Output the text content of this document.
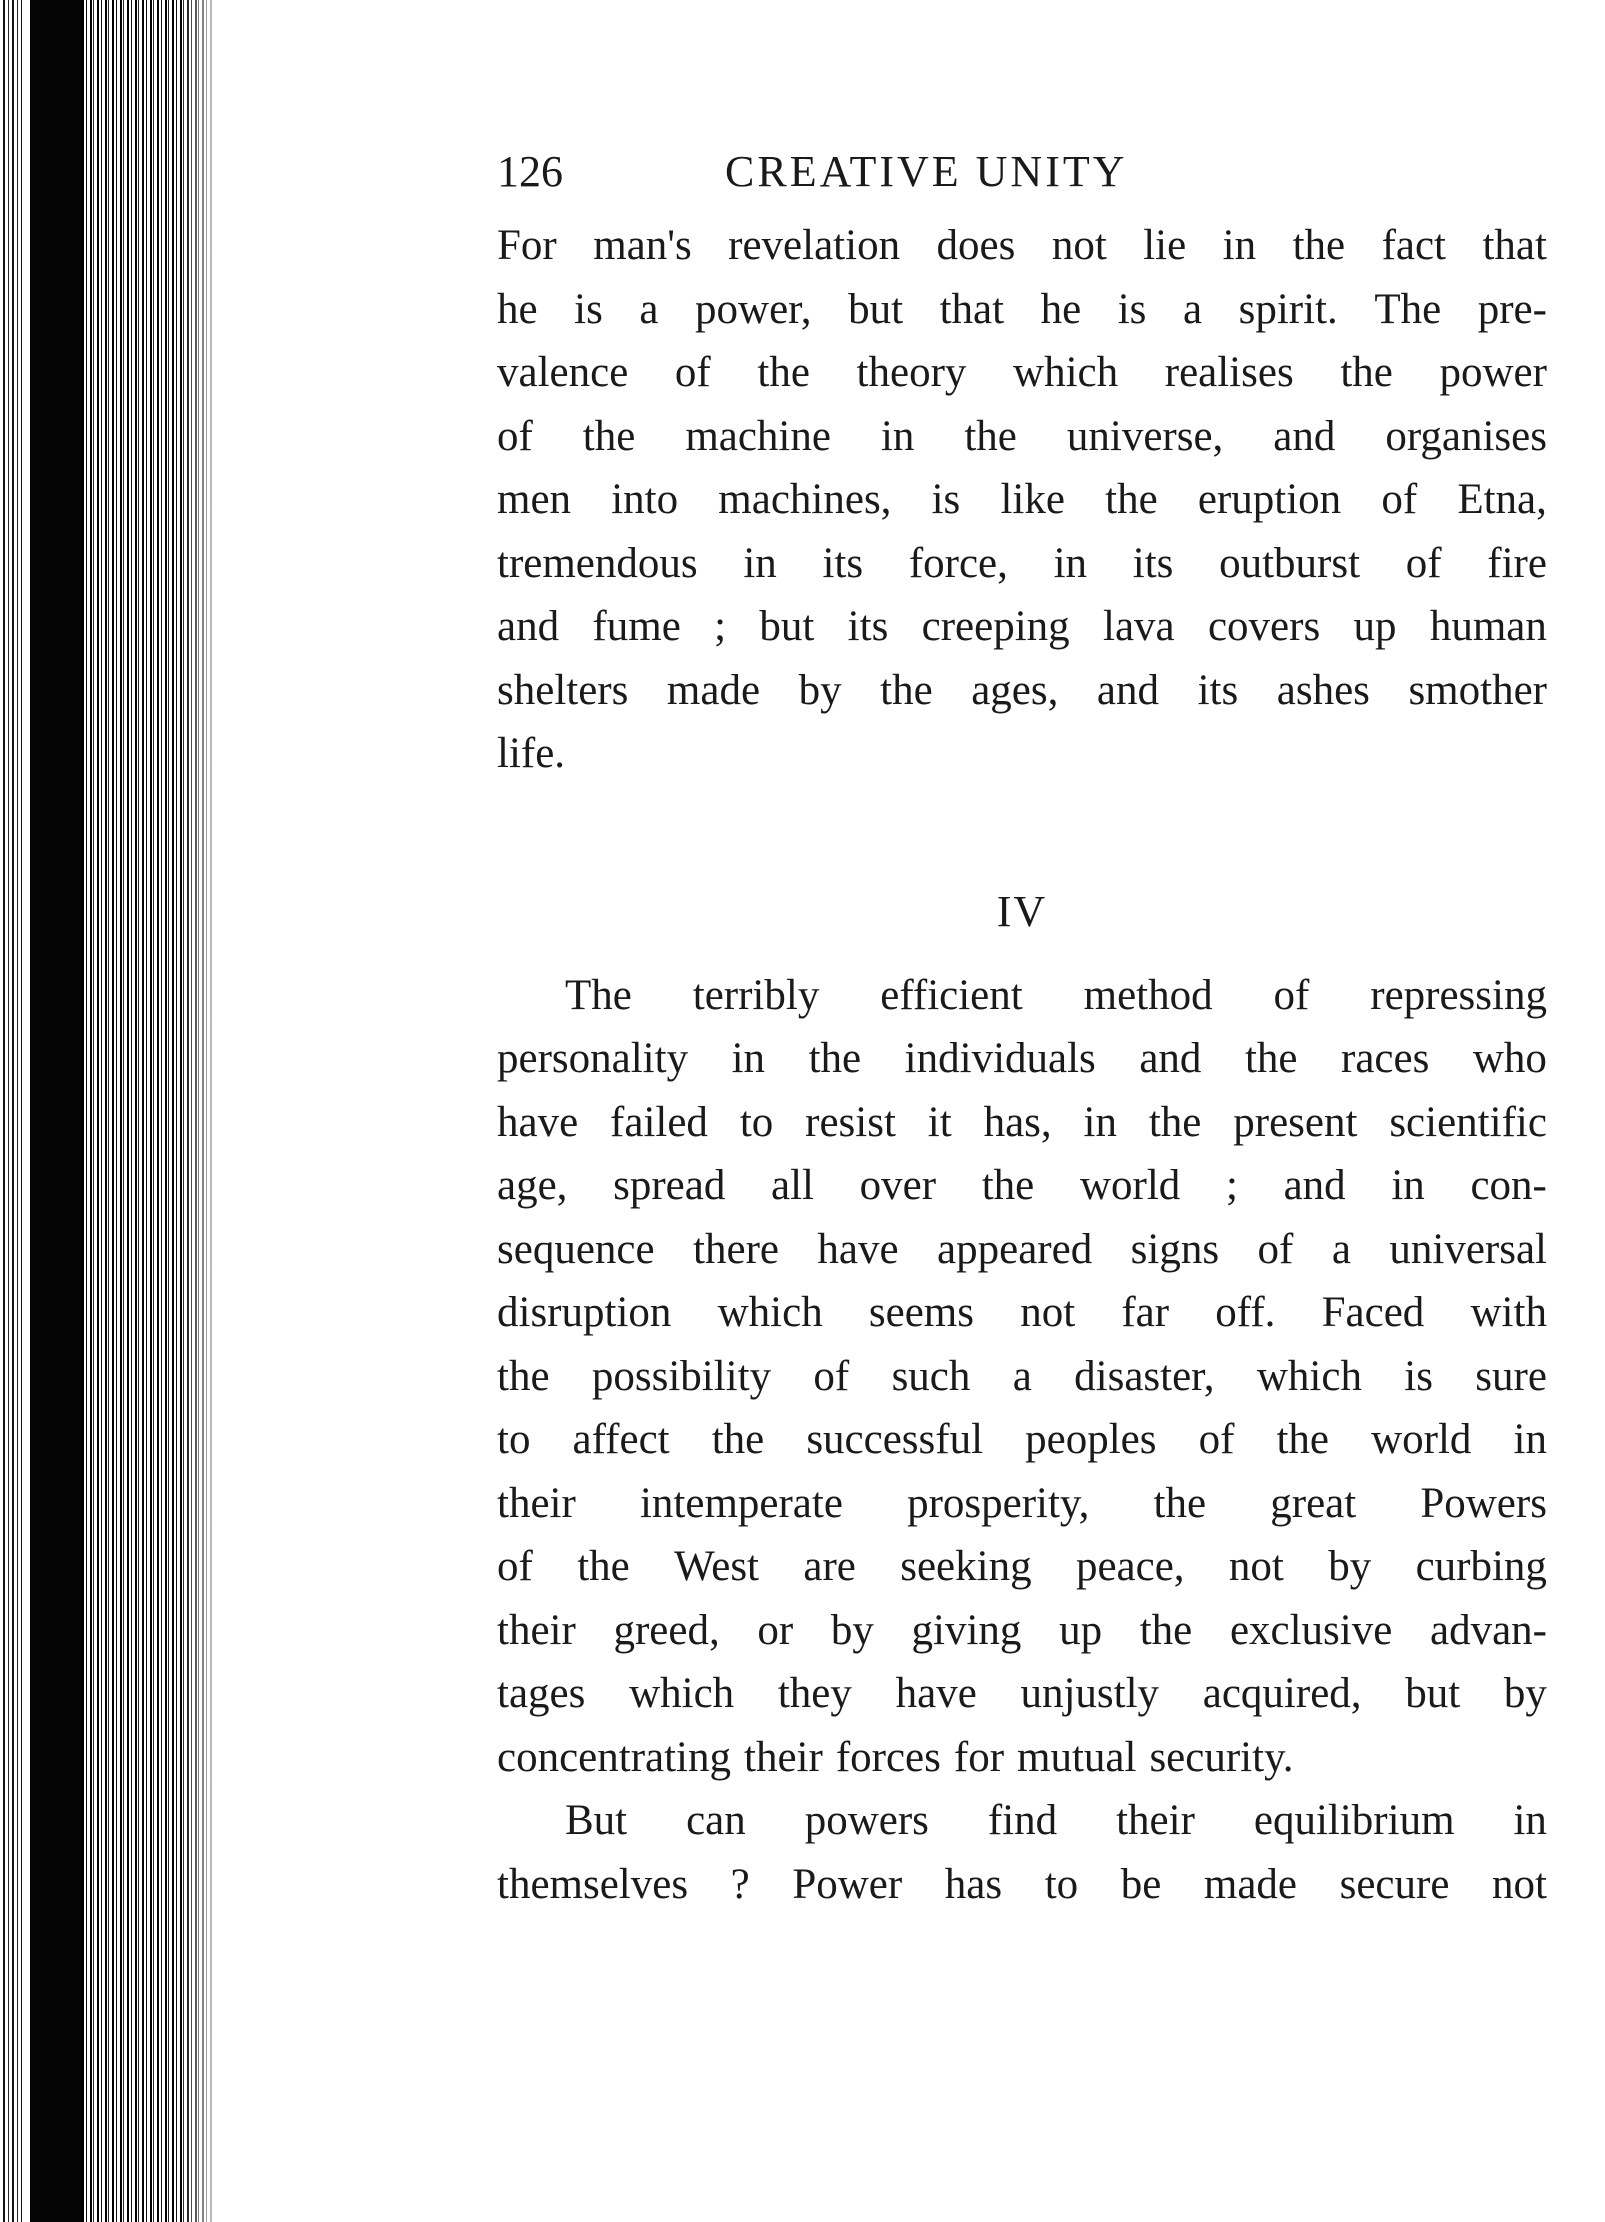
126	CREATIVE UNITY
For man's revelation does not lie in the fact that
he is a power, but that he is a spirit. The pre-
valence of the theory which realises the power
of the machine in the universe, and organises
men into machines, is like the eruption of Etna,
tremendous in its force, in its outburst of fire
and fume ; but its creeping lava covers up human
shelters made by the ages, and its ashes smother
life.
IV
The terribly efficient method of repressing
personality in the individuals and the races who
have failed to resist it has, in the present scientific
age, spread all over the world ; and in con-
sequence there have appeared signs of a universal
disruption which seems not far off. Faced with
the possibility of such a disaster, which is sure
to affect the successful peoples of the world in
their intemperate prosperity, the great Powers
of the West are seeking peace, not by curbing
their greed, or by giving up the exclusive advan-
tages which they have unjustly acquired, but by
concentrating their forces for mutual security.
But can powers find their equilibrium in
themselves ? Power has to be made secure not
